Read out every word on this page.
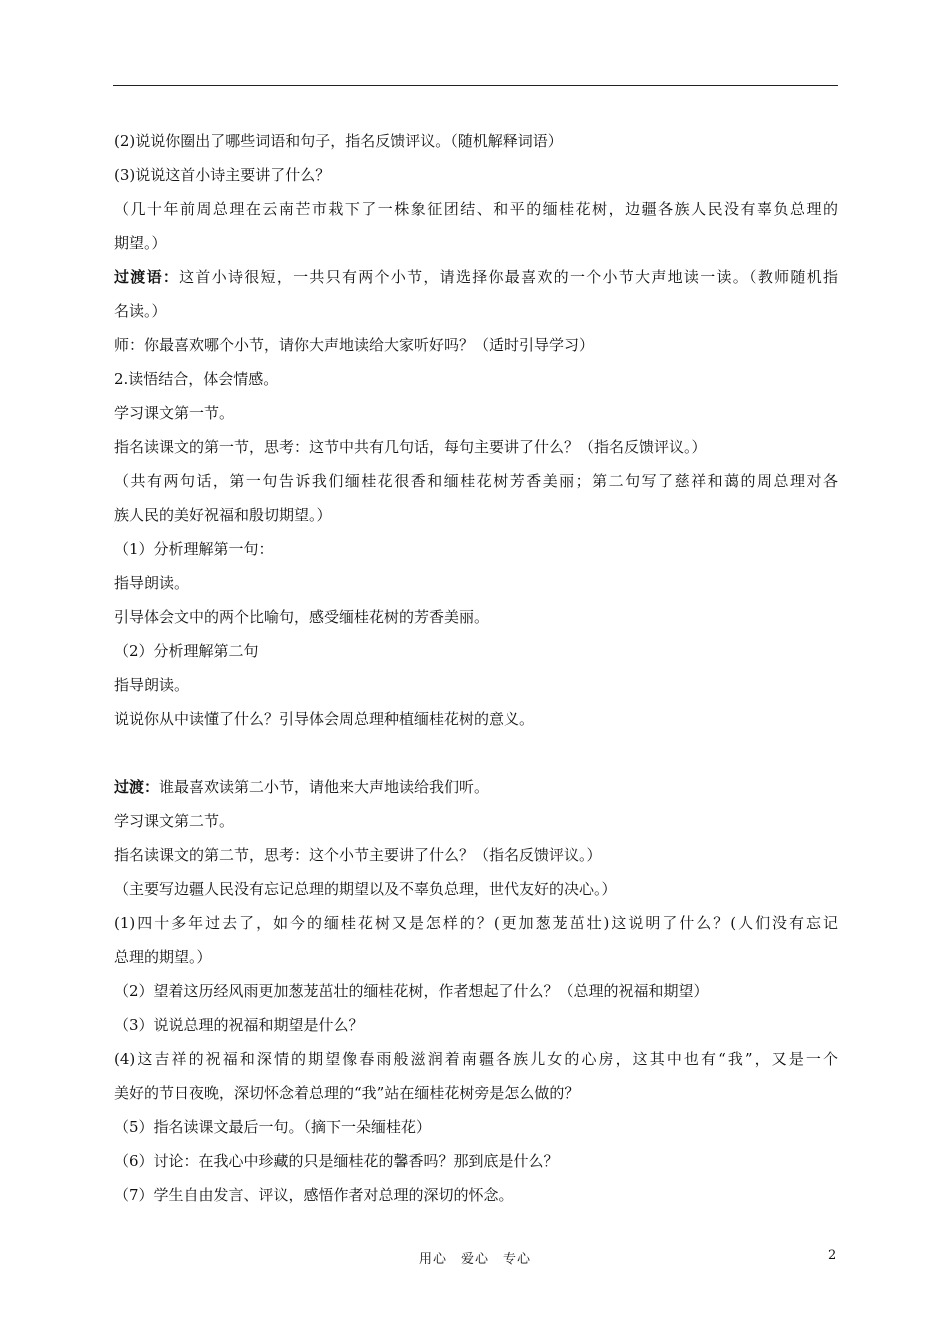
(2)说说你圈出了哪些词语和句子，指名反馈评议。（随机解释词语）
(3)说说这首小诗主要讲了什么？
（几十年前周总理在云南芒市栽下了一株象征团结、和平的缅桂花树，边疆各族人民没有辜负总理的
期望。）
过渡语：这首小诗很短，一共只有两个小节，请选择你最喜欢的一个小节大声地读一读。（教师随机指
名读。）
师：你最喜欢哪个小节，请你大声地读给大家听好吗？（适时引导学习）
2.读悟结合，体会情感。
学习课文第一节。
指名读课文的第一节，思考：这节中共有几句话，每句主要讲了什么？（指名反馈评议。）
（共有两句话，第一句告诉我们缅桂花很香和缅桂花树芳香美丽；第二句写了慈祥和蔼的周总理对各
族人民的美好祝福和殷切期望。）
（1）分析理解第一句：
指导朗读。
引导体会文中的两个比喻句，感受缅桂花树的芳香美丽。
（2）分析理解第二句
指导朗读。
说说你从中读懂了什么？引导体会周总理种植缅桂花树的意义。
过渡：谁最喜欢读第二小节，请他来大声地读给我们听。
学习课文第二节。
指名读课文的第二节，思考：这个小节主要讲了什么？（指名反馈评议。）
（主要写边疆人民没有忘记总理的期望以及不辜负总理，世代友好的决心。）
(1)四十多年过去了，如今的缅桂花树又是怎样的？(更加葱茏茁壮)这说明了什么？(人们没有忘记
总理的期望。）
（2）望着这历经风雨更加葱茏茁壮的缅桂花树，作者想起了什么？（总理的祝福和期望）
（3）说说总理的祝福和期望是什么？
(4)这吉祥的祝福和深情的期望像春雨般滋润着南疆各族儿女的心房，这其中也有“我”，又是一个
美好的节日夜晚，深切怀念着总理的“我”站在缅桂花树旁是怎么做的？
（5）指名读课文最后一句。（摘下一朵缅桂花）
（6）讨论：在我心中珍藏的只是缅桂花的馨香吗？那到底是什么？
（7）学生自由发言、评议，感悟作者对总理的深切的怀念。
用心　爱心　专心	2
